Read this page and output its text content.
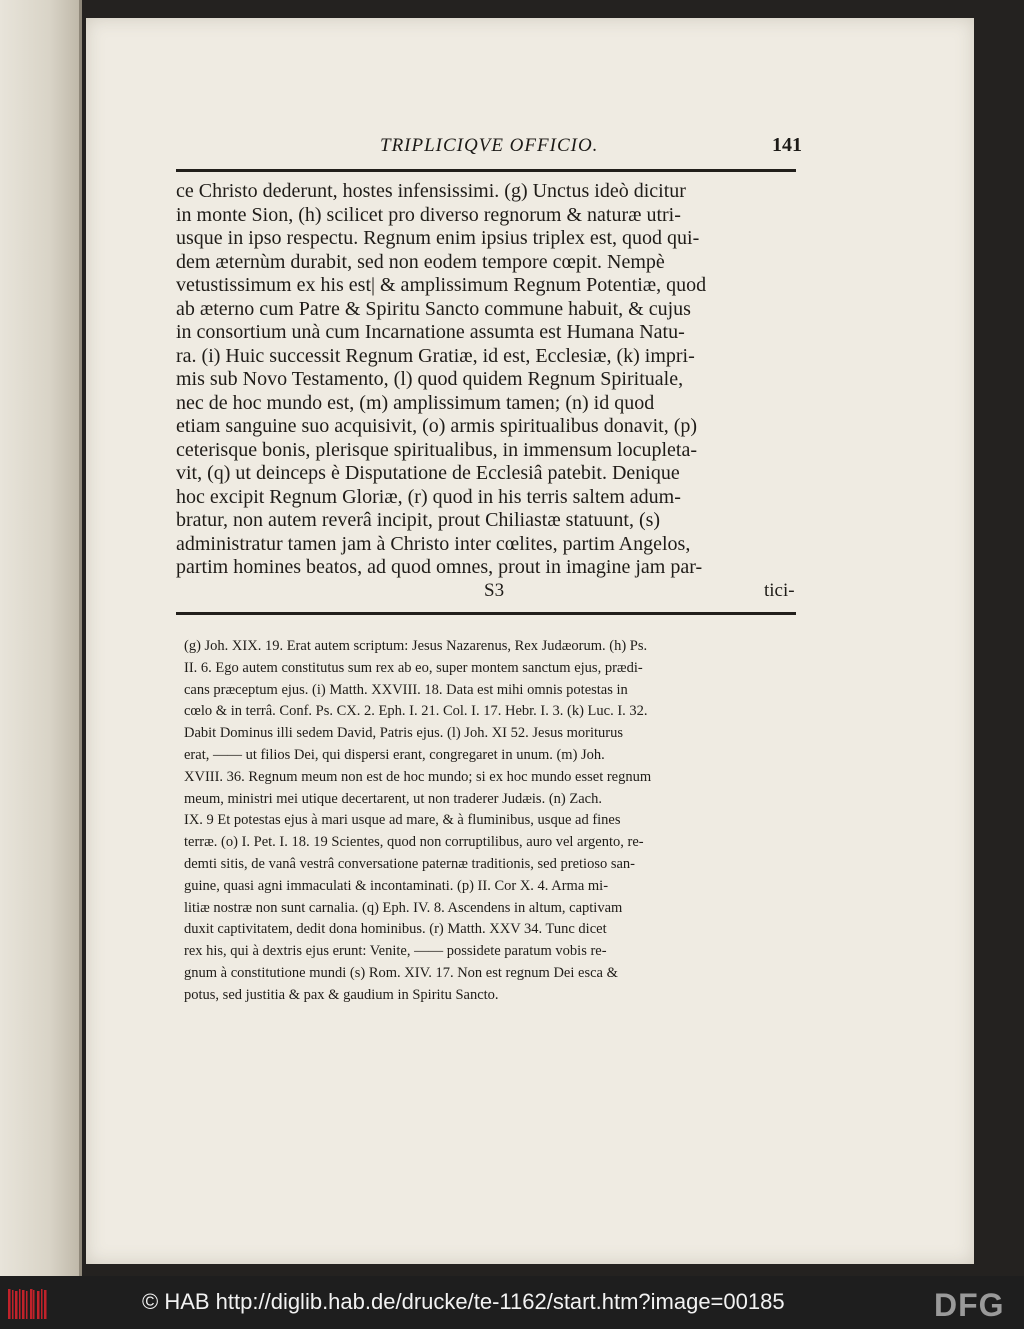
TRIPLICIQVE OFFICIO.	141
ce Christo dederunt, hostes infensissimi. (g) Unctus ideò dicitur
in monte Sion, (h) scilicet pro diverso regnorum & naturæ utri-
usque in ipso respectu. Regnum enim ipsius triplex est, quod qui-
dem æternùm durabit, sed non eodem tempore cœpit. Nempè
vetustissimum ex his est| & amplissimum Regnum Potentiæ, quod
ab æterno cum Patre & Spiritu Sancto commune habuit, & cujus
in consortium unà cum Incarnatione assumta est Humana Natu-
ra. (i) Huic successit Regnum Gratiæ, id est, Ecclesiæ, (k) impri-
mis sub Novo Testamento, (l) quod quidem Regnum Spirituale,
nec de hoc mundo est, (m) amplissimum tamen; (n) id quod
etiam sanguine suo acquisivit, (o) armis spiritualibus donavit, (p)
ceterisque bonis, plerisque spiritualibus, in immensum locupleta-
vit, (q) ut deinceps è Disputatione de Ecclesiâ patebit. Denique
hoc excipit Regnum Gloriæ, (r) quod in his terris saltem adum-
bratur, non autem reverâ incipit, prout Chiliastæ statuunt, (s)
administratur tamen jam à Christo inter cœlites, partim Angelos,
partim homines beatos, ad quod omnes, prout in imagine jam par-
S3	tici-
(g) Joh. XIX. 19. Erat autem scriptum: Jesus Nazarenus, Rex Judæorum. (h) Ps.
II. 6. Ego autem constitutus sum rex ab eo, super montem sanctum ejus, prædi-
cans præceptum ejus. (i) Matth. XXVIII. 18. Data est mihi omnis potestas in
cœlo & in terrâ. Conf. Ps. CX. 2. Eph. I. 21. Col. I. 17. Hebr. I. 3. (k) Luc. I. 32.
Dabit Dominus illi sedem David, Patris ejus. (l) Joh. XI 52. Jesus moriturus
erat, —— ut filios Dei, qui dispersi erant, congregaret in unum. (m) Joh.
XVIII. 36. Regnum meum non est de hoc mundo; si ex hoc mundo esset regnum
meum, ministri mei utique decertarent, ut non traderer Judæis. (n) Zach.
IX. 9 Et potestas ejus à mari usque ad mare, & à fluminibus, usque ad fines
terræ. (o) I. Pet. I. 18. 19 Scientes, quod non corruptilibus, auro vel argento, re-
demti sitis, de vanâ vestrâ conversatione paternæ traditionis, sed pretioso san-
guine, quasi agni immaculati & incontaminati. (p) II. Cor X. 4. Arma mi-
litiæ nostræ non sunt carnalia. (q) Eph. IV. 8. Ascendens in altum, captivam
duxit captivitatem, dedit dona hominibus. (r) Matth. XXV 34. Tunc dicet
rex his, qui à dextris ejus erunt: Venite, —— possidete paratum vobis re-
gnum à constitutione mundi (s) Rom. XIV. 17. Non est regnum Dei esca &
potus, sed justitia & pax & gaudium in Spiritu Sancto.
© HAB http://diglib.hab.de/drucke/te-1162/start.htm?image=00185	DFG
